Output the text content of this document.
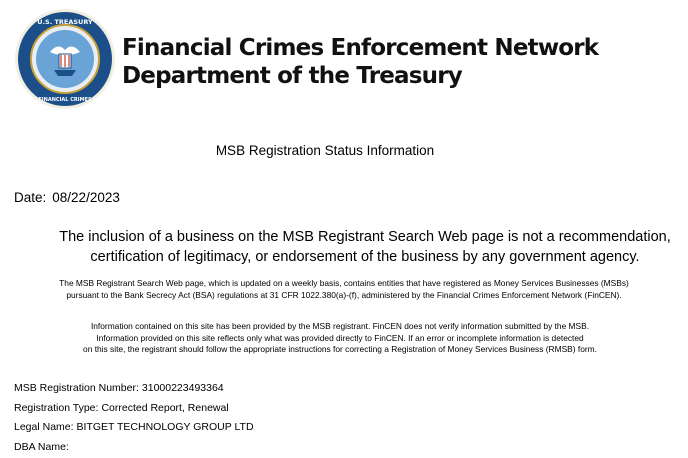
U.S. TREASURY
FINANCIAL CRIMES
Financial Crimes Enforcement Network
Department of the Treasury
MSB Registration Status Information
Date: 08/22/2023
The inclusion of a business on the MSB Registrant Search Web page is not a recommendation,
certification of legitimacy, or endorsement of the business by any government agency.
The MSB Registrant Search Web page, which is updated on a weekly basis, contains entities that have registered as Money Services Businesses (MSBs)
pursuant to the Bank Secrecy Act (BSA) regulations at 31 CFR 1022.380(a)-(f), administered by the Financial Crimes Enforcement Network (FinCEN).
Information contained on this site has been provided by the MSB registrant. FinCEN does not verify information submitted by the MSB.
Information provided on this site reflects only what was provided directly to FinCEN. If an error or incomplete information is detected
on this site, the registrant should follow the appropriate instructions for correcting a Registration of Money Services Business (RMSB) form.
MSB Registration Number: 31000223493364
Registration Type: Corrected Report, Renewal
Legal Name: BITGET TECHNOLOGY GROUP LTD
DBA Name:
